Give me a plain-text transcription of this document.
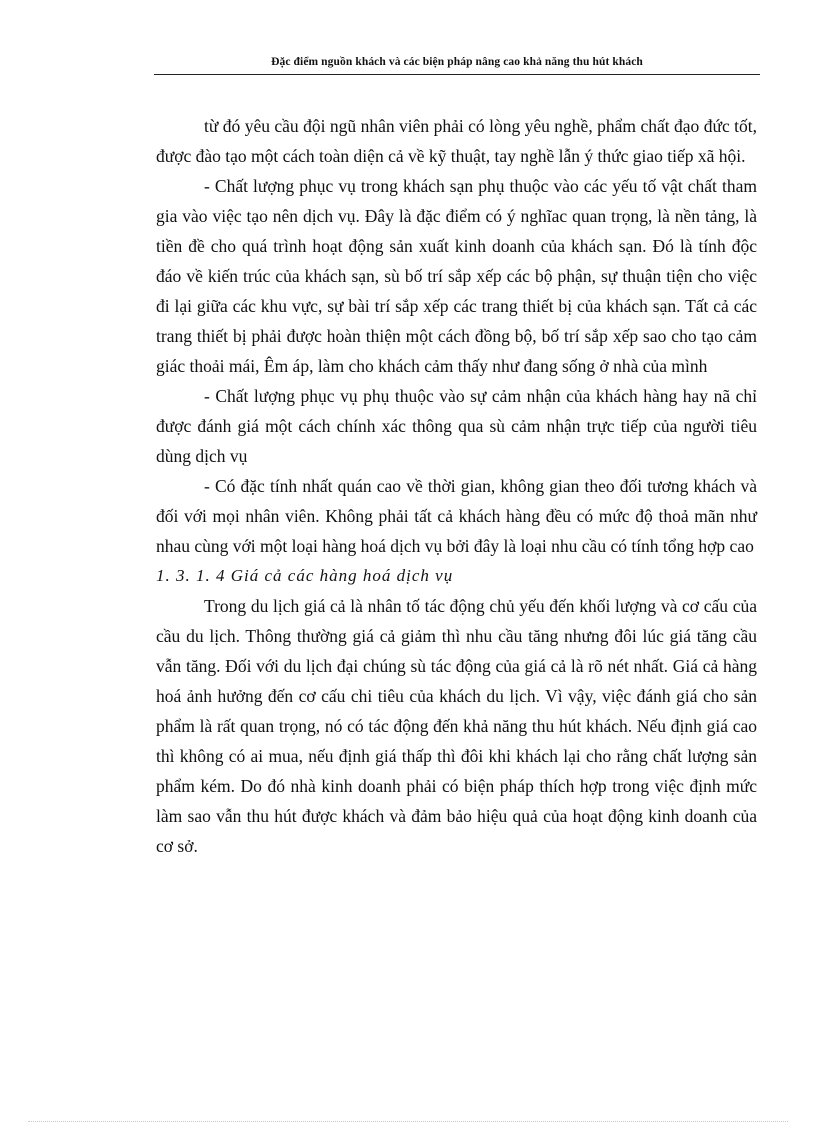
Đặc điểm nguồn khách và các biện pháp nâng cao khả năng thu hút khách

từ đó yêu cầu đội ngũ nhân viên phải có lòng yêu nghề, phẩm chất đạo đức tốt, được đào tạo một cách toàn diện cả về kỹ thuật, tay nghề lẫn ý thức giao tiếp xã hội.

- Chất lượng phục vụ trong khách sạn phụ thuộc vào các yếu tố vật chất tham gia vào việc tạo nên dịch vụ. Đây là đặc điểm có ý nghĩac quan trọng, là nền tảng, là tiền đề cho quá trình hoạt động sản xuất kinh doanh của khách sạn. Đó là tính độc đáo về kiến trúc của khách sạn, sù bố trí sắp xếp các bộ phận, sự thuận tiện cho việc đi lại giữa các khu vực, sự bài trí sắp xếp các trang thiết bị của khách sạn. Tất cả các trang thiết bị phải được hoàn thiện một cách đồng bộ, bố trí sắp xếp sao cho tạo cảm giác thoải mái, Êm áp, làm cho khách cảm thấy như đang sống ở nhà của mình

- Chất lượng phục vụ phụ thuộc vào sự cảm nhận của khách hàng hay nã chỉ được đánh giá một cách chính xác thông qua sù cảm nhận trực tiếp của người tiêu dùng dịch vụ

- Có đặc tính nhất quán cao về thời gian, không gian theo đối tương khách và đối với mọi nhân viên. Không phải tất cả khách hàng đều có mức độ thoả mãn như nhau cùng với một loại hàng hoá dịch vụ bởi đây là loại nhu cầu có tính tổng hợp cao

1. 3. 1. 4 Giá cả các hàng hoá dịch vụ

Trong du lịch giá cả là nhân tố tác động chủ yếu đến khối lượng và cơ cấu của cầu du lịch. Thông thường giá cả giảm thì nhu cầu tăng nhưng đôi lúc giá tăng cầu vẫn tăng. Đối với du lịch đại chúng sù tác động của giá cả là rõ nét nhất. Giá cả hàng hoá ảnh hưởng đến cơ cấu chi tiêu của khách du lịch. Vì vậy, việc đánh giá cho sản phẩm là rất quan trọng, nó có tác động đến khả năng thu hút khách. Nếu định giá cao thì không có ai mua, nếu định giá thấp thì đôi khi khách lại cho rằng chất lượng sản phẩm kém. Do đó nhà kinh doanh phải có biện pháp thích hợp trong việc định mức làm sao vẫn thu hút được khách và đảm bảo hiệu quả của hoạt động kinh doanh của cơ sở.
